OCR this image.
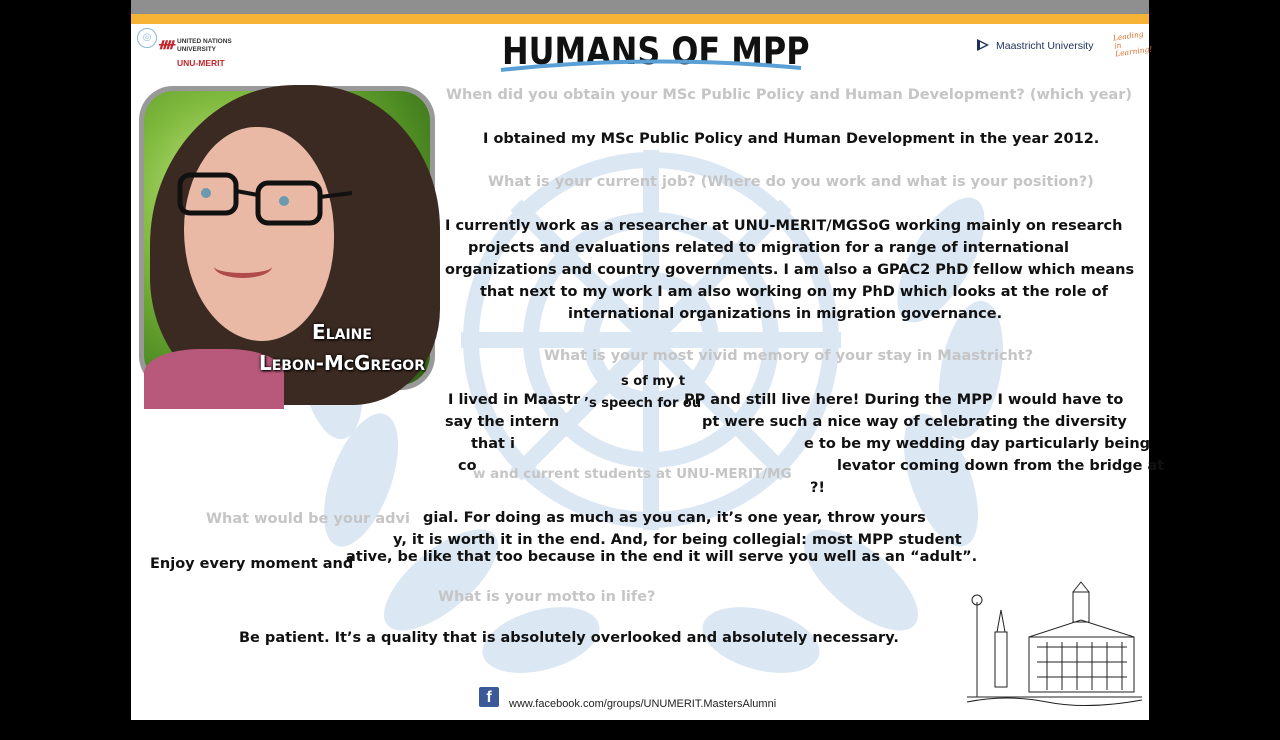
◎
ᚎ UNITED NATIONS
UNIVERSITY
UNU-MERIT	HUMANS OF MPP	Maastricht University
Leading
in Learning!
Elaine
Lebon-McGregor
When did you obtain your MSc Public Policy and Human Development? (which year)
I obtained my MSc Public Policy and Human Development in the year 2012.
What is your current job? (Where do you work and what is your position?)
I currently work as a researcher at UNU-MERIT/MGSoG working mainly on research
projects and evaluations related to migration for a range of international
organizations and country governments. I am also a GPAC2 PhD fellow which means
that next to my work I am also working on my PhD which looks at the role of
international organizations in migration governance.
What is your most vivid memory of your stay in Maastricht?
s of my t
I lived in Maastr ’s speech for ou
PP and still live here! During the MPP I would have to
say the intern	pt were such a nice way of celebrating the diversity
that i	e to be my wedding day particularly being
co
w and current students at UNU-MERIT/MG	levator coming down from the bridge at
?!
What would be your advi gial. For doing as much as you can, it’s one year, throw yours
y, it is worth it in the end. And, for being collegial: most MPP student
Enjoy every moment and
ative, be like that too because in the end it will serve you well as an “adult”.
What is your motto in life?
Be patient. It’s a quality that is absolutely overlooked and absolutely necessary.
f	www.facebook.com/groups/UNUMERIT.MastersAlumni
